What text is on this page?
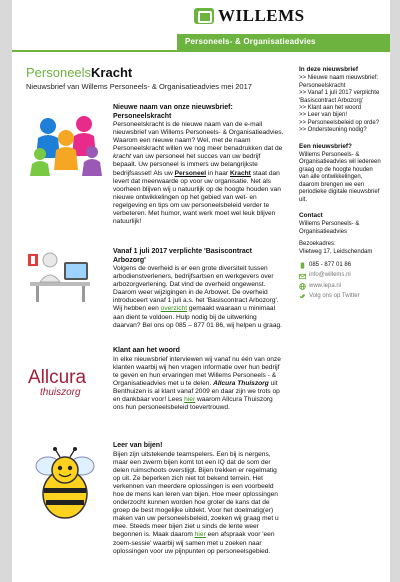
WILLEMS
Personeels- & Organisatieadvies
PersoneelsKracht
Nieuwsbrief van Willems Personeels- & Organisatieadvies mei 2017
Nieuwe naam van onze nieuwsbrief:
Personeelskracht

Personeelskracht is de nieuwe naam van de e-mail nieuwsbrief van Willems Personeels- & Organisatieadvies. Waarom een nieuwe naam? Wel, met de naam Personeelskracht willen we nog meer benadrukken dat de kracht van uw personeel het succes van uw bedrijf bepaalt. Uw personeel is immers uw belangrijkste bedrijfsasset! Als uw Personeel in haar Kracht staat dan levert dat meerwaarde op voor uw organisatie. Net als voorheen blijven wij u natuurlijk op de hoogte houden van nieuwe ontwikkelingen op het gebied van wet- en regelgeving en tips om uw personeelsbeleid verder te verbeteren. Met humor, want werk moet wel leuk blijven natuurlijk!

Vanaf 1 juli 2017 verplichte 'Basiscontract
Arbozorg'

Volgens de overheid is er een grote diversiteit tussen arbodienstverleners, bedrijfsartsen en werkgevers over arbozorgverlening. Dat vind de overheid ongewenst. Daarom weer wijzigingen in de Arbowet. De overheid introduceert vanaf 1 juli a.s. het 'Basiscontract Arbozorg'. Wij hebben een overzicht gemaakt waaraan u minimaal aan dient te voldoen. Hulp nodig bij de uitwerking daarvan? Bel ons op 085 – 877 01 86, wij helpen u graag.

Allcura
thuiszorg
Klant aan het woord

In elke nieuwsbrief interviewen wij vanaf nu één van onze klanten waarbij wij hen vragen informatie over hun bedrijf te geven en hun ervaringen met Willems Personeels - & Organisatieadvies met u te delen. Allcura Thuiszorg uit Benthuizen is al klant vanaf 2009 en daar zijn we trots op en dankbaar voor! Lees hier waarom Allcura Thuiszorg ons hun personeelsbeleid toevertrouwd.

Leer van bijen!

Bijen zijn uitstekende teamspelers. Een bij is nergens, maar een zwerm bijen komt tot een IQ dat de som der delen ruimschoots overstijgt. Bijen trekken er regelmatig op uit. Ze beperken zich niet tot bekend terrein. Het verkennen van meerdere oplossingen is een voorbeeld hoe de mens kan leren van bijen. Hoe meer oplossingen onderzocht kunnen worden hoe groter de kans dat de groep de best mogelijke uitdekt. Voor het doelmatig(er) maken van uw personeelsbeleid, zoeken wij graag met u mee. Steeds meer bijen ziet u sinds de lente weer begonnen is. Maak daarom hier een afspraak voor 'een zoem-sessie' waarbij wij samen met u zoeken naar oplossingen voor uw pijnpunten op personeelsgebied.

In deze nieuwsbrief
>> Nieuwe naam nieuwsbrief: Personeelskracht
>> Vanaf 1 juli 2017 verplichte 'Basiscontract Arbozorg'
>> Klant aan het woord
>> Leer van bijen!
>> Personeelsbeleid op orde?
>> Ondersteuning nodig?
Een nieuwsbrief?
Willems Personeels- & Organisatieadvies wil iedereen graag op de hoogte houden van alle ontwikkelingen, daarom brengen we een periodieke digitale nieuwsbrief uit.
Contact
Willems Personeels- & Organisatieadvies
Bezoekadres:
Vlietweg 17, Leidschendam
085 - 877 01 86
info@willems.nl
www.lepa.nl
Volg ons op Twitter
